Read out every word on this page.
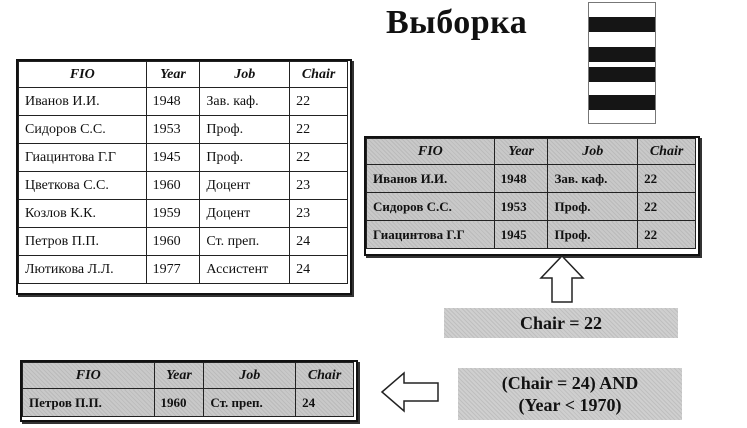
Выборка
FIO	Year	Job	Chair
Иванов И.И.	1948	Зав. каф.	22
Сидоров С.С.	1953	Проф.	22
Гиацинтова Г.Г	1945	Проф.	22
Цветкова С.С.	1960	Доцент	23
Козлов К.К.	1959	Доцент	23
Петров П.П.	1960	Ст. преп.	24
Лютикова Л.Л.	1977	Ассистент	24
FIO	Year	Job	Chair
Иванов И.И.	1948	Зав. каф.	22
Сидоров С.С.	1953	Проф.	22
Гиацинтова Г.Г	1945	Проф.	22
Chair = 22
FIO	Year	Job	Chair
Петров П.П.	1960	Ст. преп.	24
(Chair = 24) AND
(Year < 1970)
